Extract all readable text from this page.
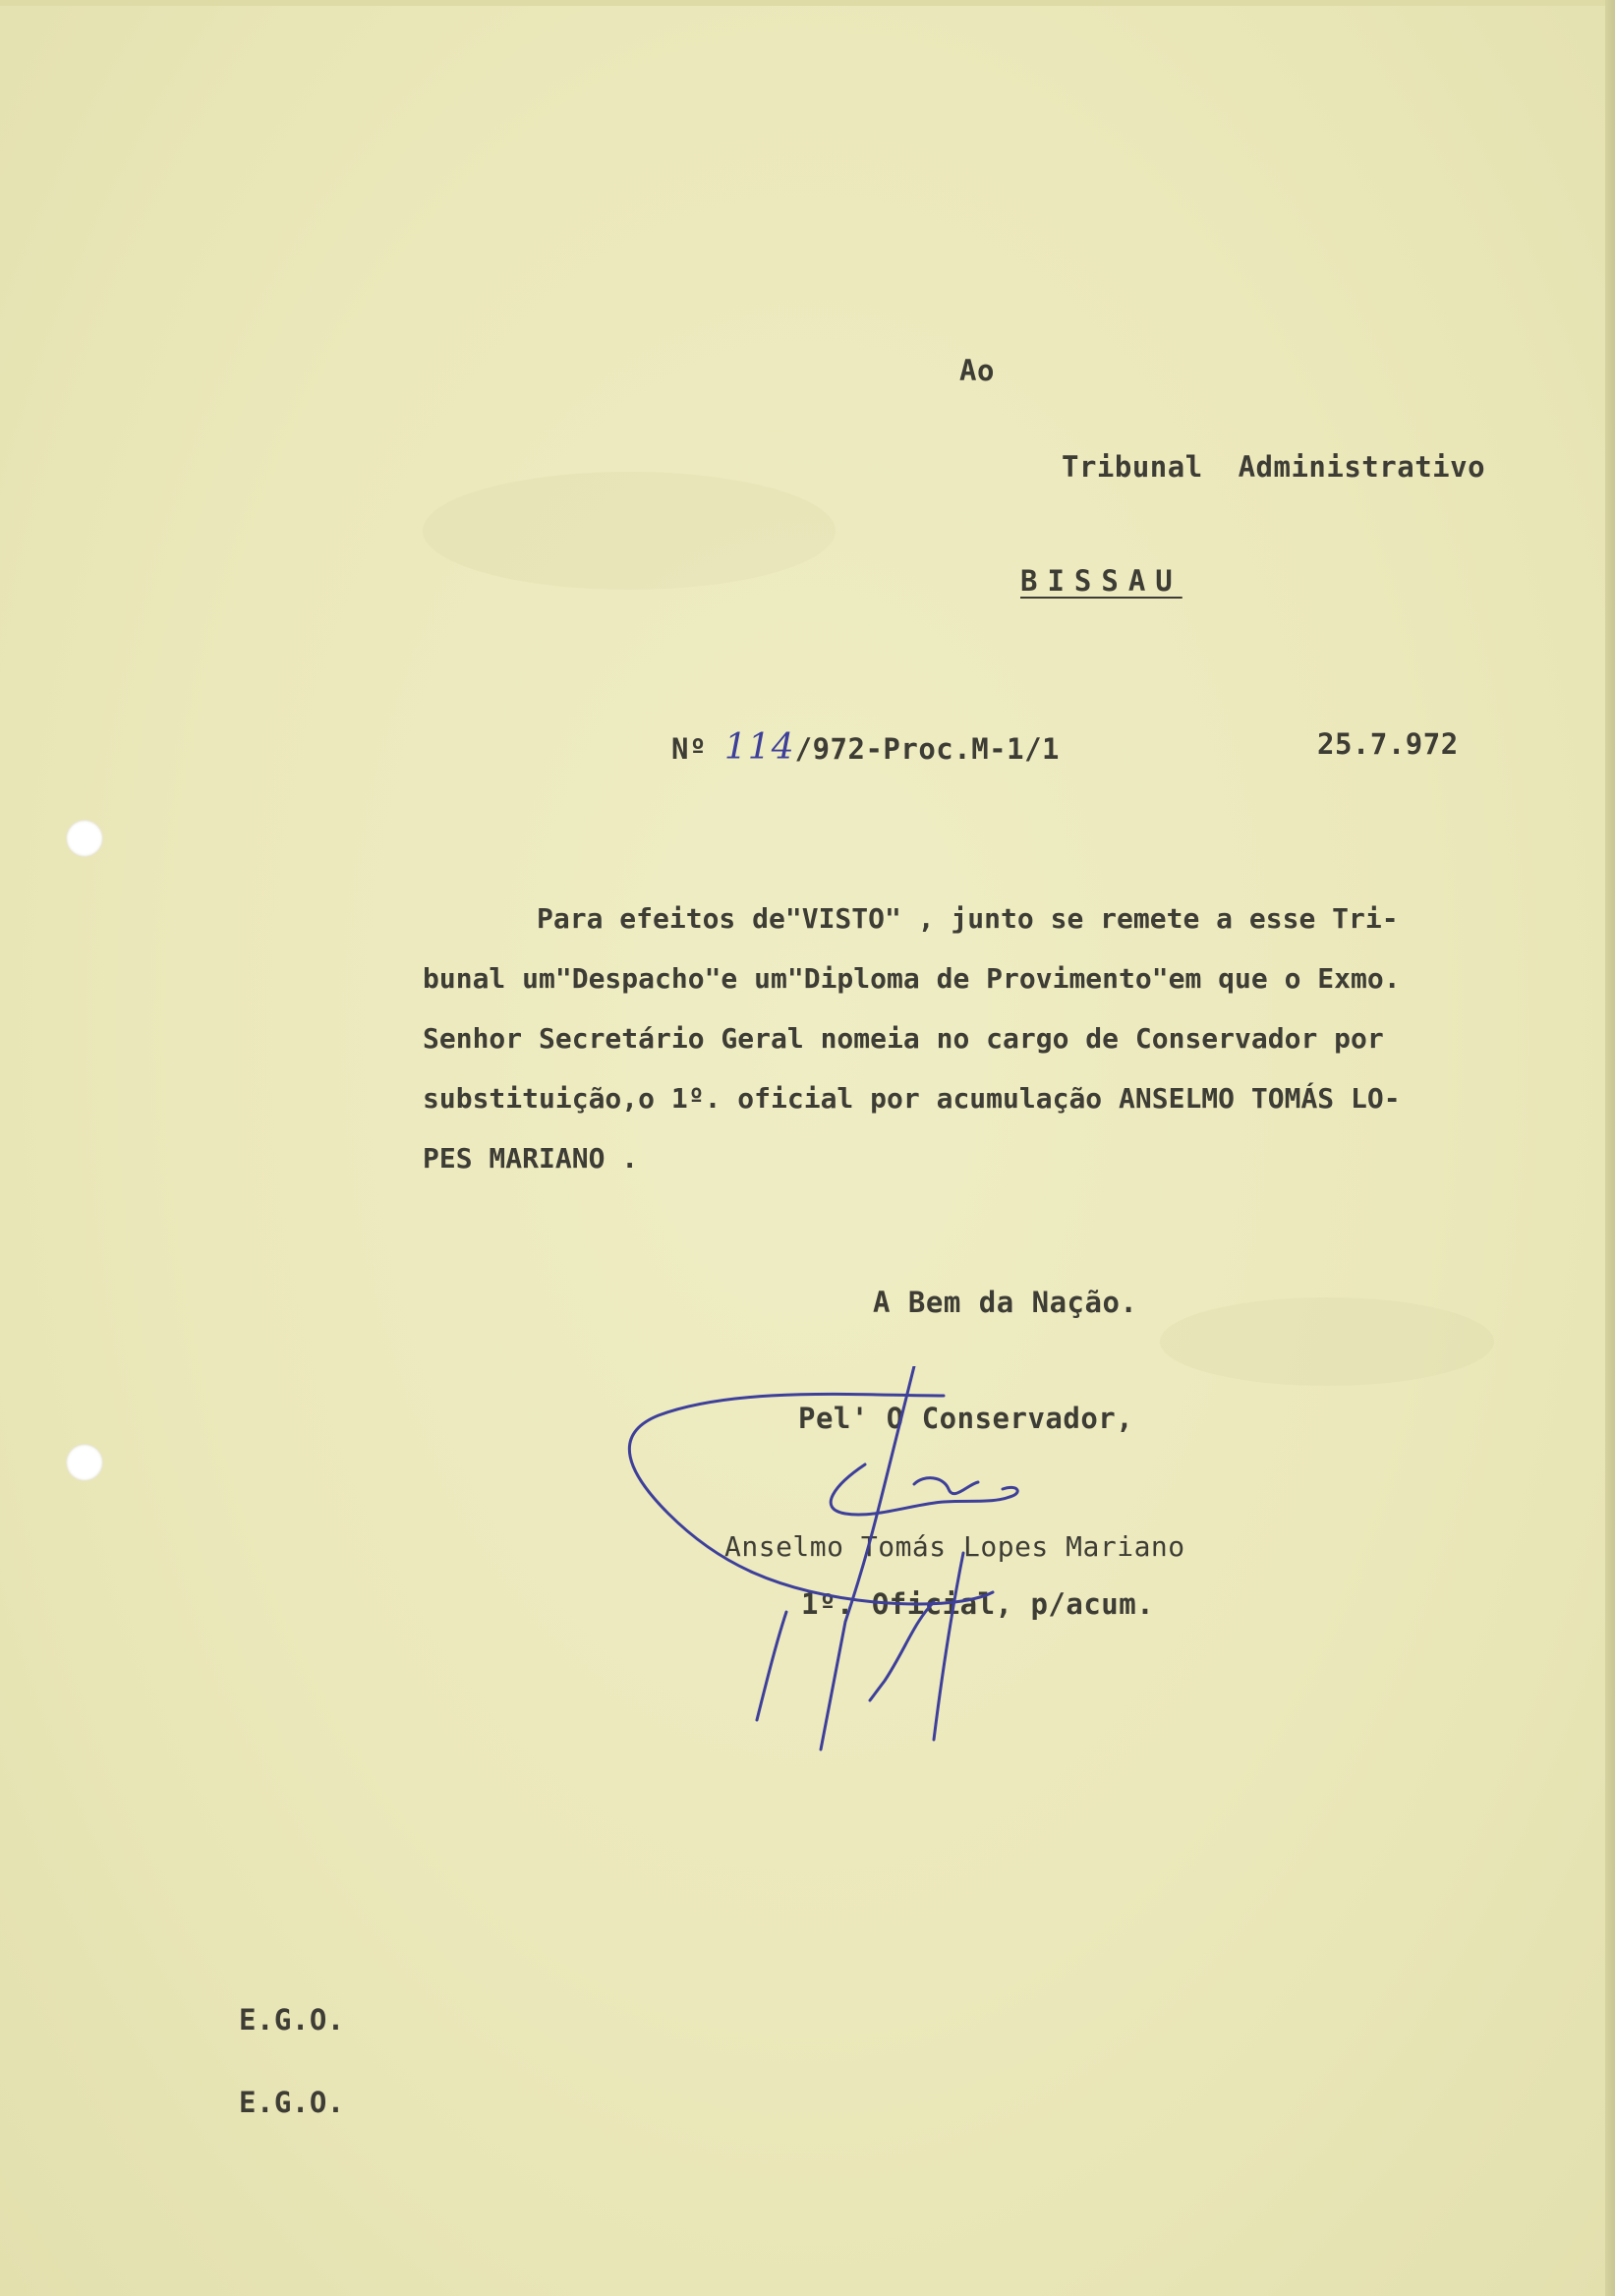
Ao
Tribunal  Administrativo
BISSAU
Nº 114/972-Proc.M-1/1	25.7.972
Para efeitos de"VISTO" , junto se remete a esse Tri-
bunal um"Despacho"e um"Diploma de Provimento"em que o Exmo.
Senhor Secretário Geral nomeia no cargo de Conservador por
substituição,o 1º. oficial por acumulação ANSELMO TOMÁS LO-
PES MARIANO .
A Bem da Nação.
Pel' O Conservador,
Anselmo Tomás Lopes Mariano
1º. Oficial, p/acum.
E.G.O.
E.G.O.
